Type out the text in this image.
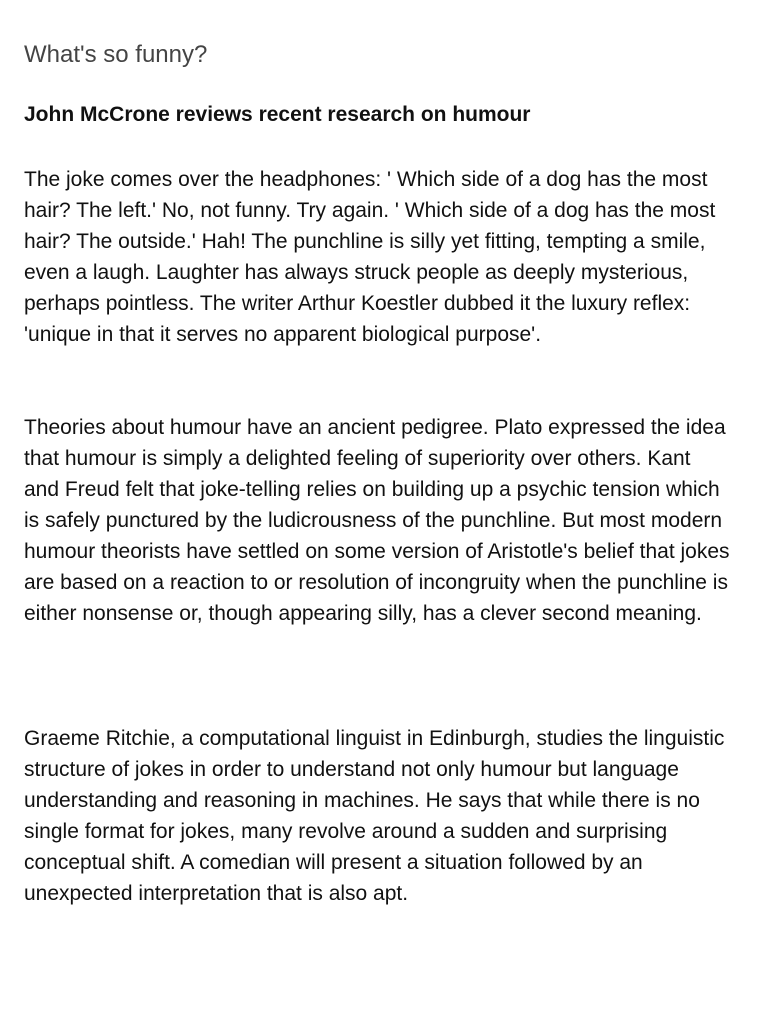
What's so funny?
John McCrone reviews recent research on humour

The joke comes over the headphones: ' Which side of a dog has the most hair? The left.' No, not funny. Try again. ' Which side of a dog has the most hair? The outside.' Hah! The punchline is silly yet fitting, tempting a smile, even a laugh. Laughter has always struck people as deeply mysterious, perhaps pointless. The writer Arthur Koestler dubbed it the luxury reflex: 'unique in that it serves no apparent biological purpose'.

Theories about humour have an ancient pedigree. Plato expressed the idea that humour is simply a delighted feeling of superiority over others. Kant and Freud felt that joke-telling relies on building up a psychic tension which is safely punctured by the ludicrousness of the punchline. But most modern humour theorists have settled on some version of Aristotle's belief that jokes are based on a reaction to or resolution of incongruity when the punchline is either nonsense or, though appearing silly, has a clever second meaning.

Graeme Ritchie, a computational linguist in Edinburgh, studies the linguistic structure of jokes in order to understand not only humour but language understanding and reasoning in machines. He says that while there is no single format for jokes, many revolve around a sudden and surprising conceptual shift. A comedian will present a situation followed by an unexpected interpretation that is also apt.
